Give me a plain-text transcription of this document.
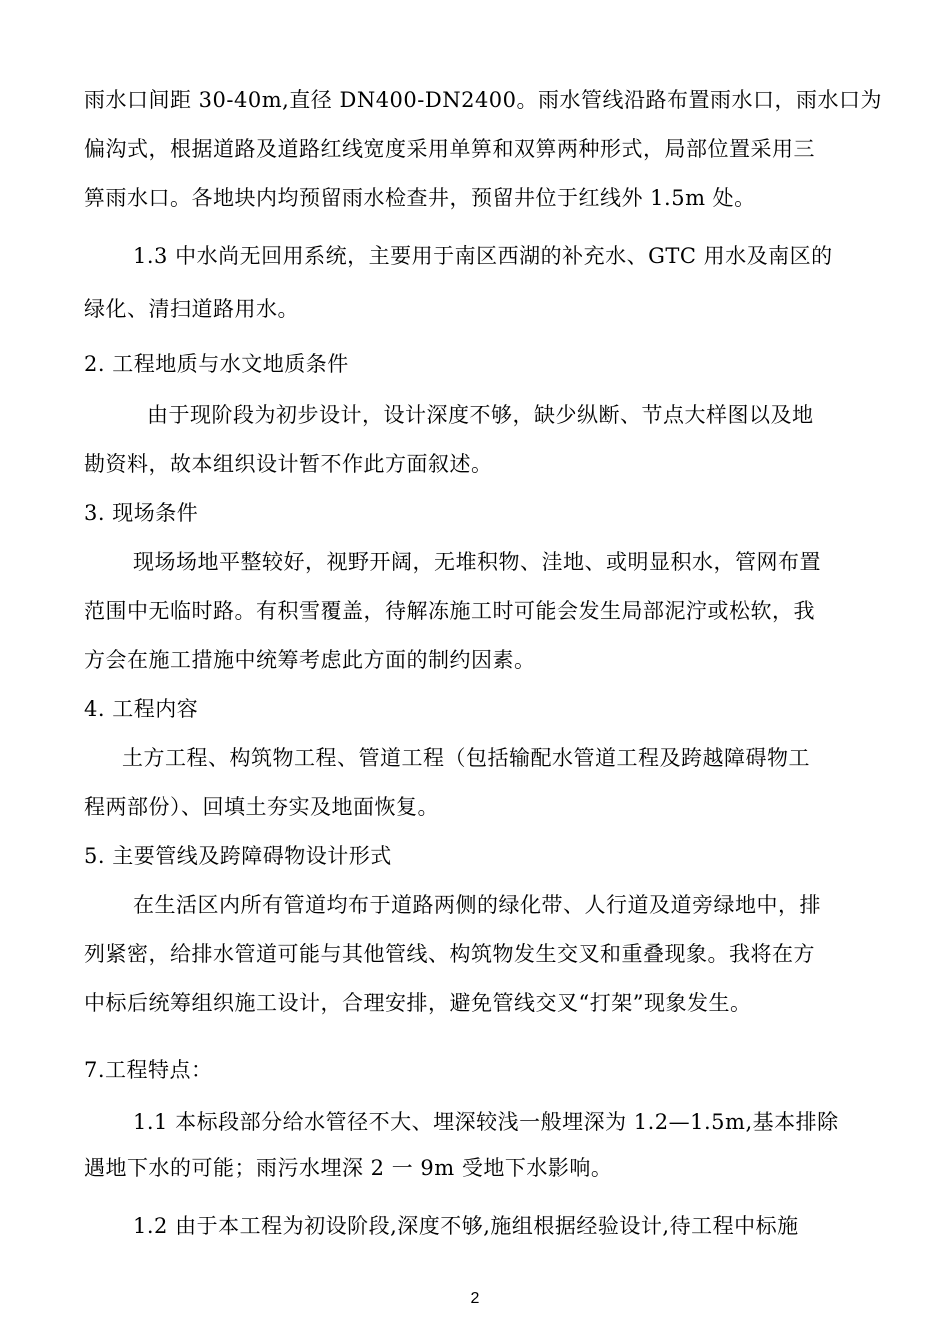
雨水口间距 30-40m,直径 DN400-DN2400。雨水管线沿路布置雨水口，雨水口为
偏沟式，根据道路及道路红线宽度采用单箅和双箅两种形式，局部位置采用三
箅雨水口。各地块内均预留雨水检查井，预留井位于红线外 1.5m 处。
1.3 中水尚无回用系统，主要用于南区西湖的补充水、GTC 用水及南区的
绿化、清扫道路用水。
2. 工程地质与水文地质条件
由于现阶段为初步设计，设计深度不够，缺少纵断、节点大样图以及地
勘资料，故本组织设计暂不作此方面叙述。
3. 现场条件
现场场地平整较好，视野开阔，无堆积物、洼地、或明显积水，管网布置
范围中无临时路。有积雪覆盖，待解冻施工时可能会发生局部泥泞或松软，我
方会在施工措施中统筹考虑此方面的制约因素。
4. 工程内容
土方工程、构筑物工程、管道工程（包括输配水管道工程及跨越障碍物工
程两部份）、回填土夯实及地面恢复。
5. 主要管线及跨障碍物设计形式
在生活区内所有管道均布于道路两侧的绿化带、人行道及道旁绿地中，排
列紧密，给排水管道可能与其他管线、构筑物发生交叉和重叠现象。我将在方
中标后统筹组织施工设计，合理安排，避免管线交叉“打架”现象发生。
7.工程特点：
1.1 本标段部分给水管径不大、埋深较浅一般埋深为 1.2—1.5m,基本排除
遇地下水的可能；雨污水埋深 2 一 9m 受地下水影响。
1.2 由于本工程为初设阶段,深度不够,施组根据经验设计,待工程中标施
2
